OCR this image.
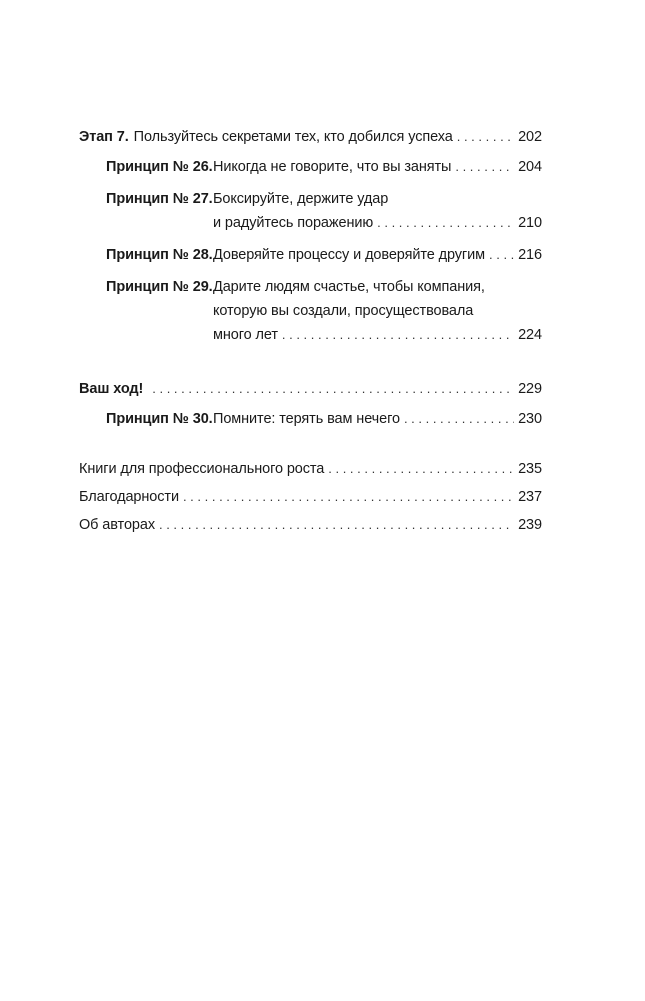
Этап 7. Пользуйтесь секретами тех, кто добился успеха . . .	202
Принцип № 26. Никогда не говорите, что вы заняты . . .	204
Принцип № 27. Боксируйте, держите удар
и радуйтесь поражению . . .	210
Принцип № 28. Доверяйте процессу и доверяйте другим . . . 216
Принцип № 29. Дарите людям счастье, чтобы компания,
которую вы создали, просуществовала
много лет . . .	224
Ваш ход! . . .	229
Принцип № 30. Помните: терять вам нечего . . .	230
Книги для профессионального роста . . .	235
Благодарности . . .	237
Об авторах . . .	239
